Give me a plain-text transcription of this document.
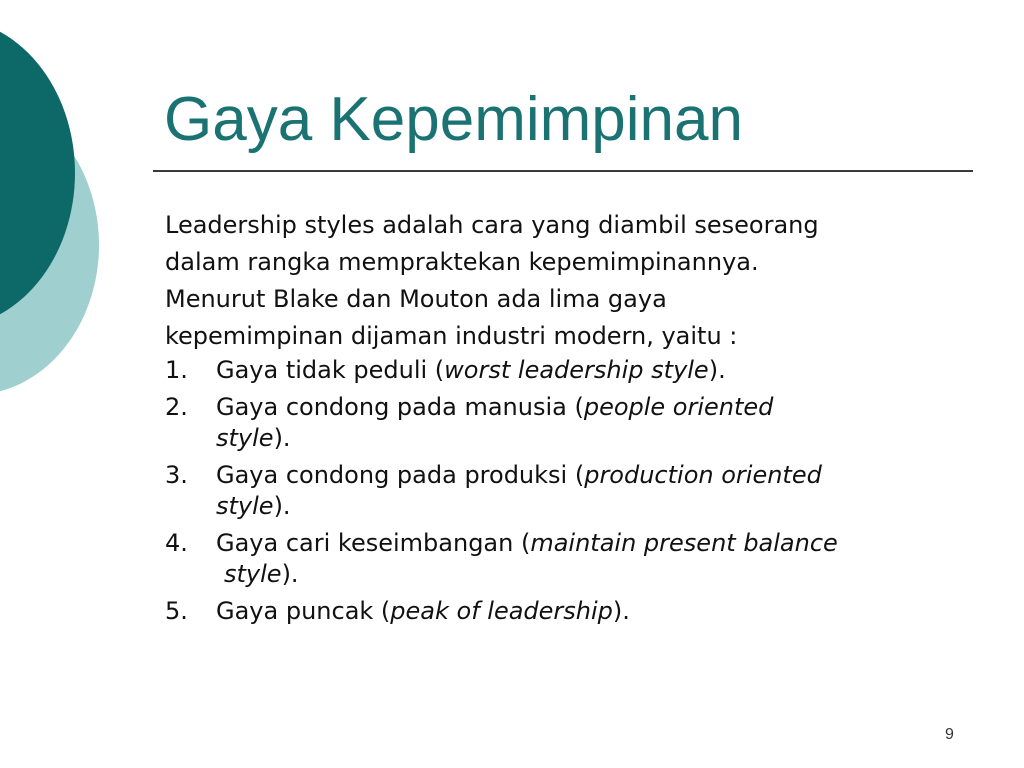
Gaya Kepemimpinan

Leadership styles adalah cara yang diambil seseorang

dalam rangka mempraktekan kepemimpinannya.

Menurut Blake dan Mouton ada lima gaya

kepemimpinan dijaman industri modern, yaitu :

1. Gaya tidak peduli (worst leadership style).
2. Gaya condong pada manusia (people oriented
style).
3. Gaya condong pada produksi (production oriented
style).
4. Gaya cari keseimbangan (maintain present balance
style).
5. Gaya puncak (peak of leadership).
9
